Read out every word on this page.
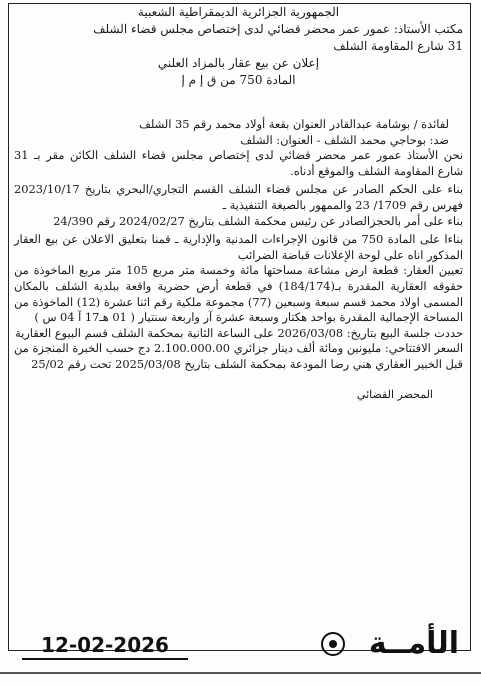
الجمهورية الجزائرية الديمقراطية الشعبية

مكتب الأستاذ: عمور عمر محضر قضائي لدى إختصاص مجلس قضاء الشلف

31 شارع المقاومة الشلف

إعلان عن بيع عقار بالمزاد العلني

المادة 750 من ق إ م إ

لفائدة / بوشامة عبدالقادر العنوان بقعة أولاد محمد رقم 35 الشلف

ضد: بوحاجي محمد الشلف - العنوان: الشلف

نحن الأستاذ عمور عمر محضر قضائي لدى إختصاص مجلس قضاء الشلف الكائن مقر بـ 31 شارع المقاومة الشلف والموقع أدناه.

بناء على الحكم الصادر عن مجلس قضاء الشلف القسم التجاري/البحري بتاريخ 2023/10/17 فهرس رقم 1709/ 23 والممهور بالصيغة التنفيذية ـ

بناء على أمر بالحجزالصادر عن رئيس محكمة الشلف بتاريخ 2024/02/27 رقم 24/390

بناءا على المادة 750 من قانون الإجراءات المدنية والإدارية ـ قمنا بتعليق الاعلان عن بيع العقار المذكور اناه على لوحة الإعلانات قباضة الضرائب

تعيين العقار: قطعة ارض مشاعة مساحتها مائة وخمسة متر مربع 105 متر مربع الماخوذة من حقوقه العقارية المقدرة بـ(184/174) في قطعة أرض حضرية واقعة ببلدية الشلف بالمكان المسمى اولاد محمد قسم سبعة وسبعين (77) مجموعة ملكية رقم اثنا عشرة (12) الماخوذة من المساحة الإجمالية المقدرة بواحد هكتار وسبعة عشرة آر واربعة سنتيار ( 01 هـ17 آ 04 س )

حددت جلسة البيع بتاريخ: 2026/03/08 على الساعة الثانية بمحكمة الشلف قسم البيوع العقارية

السعر الافتتاحي: مليونين ومائة ألف دينار جزائري 2.100.000.00 دج حسب الخبرة المنجزة من قبل الخبير العقاري هني رضا المودعة بمحكمة الشلف بتاريخ 2025/03/08 تحت رقم 25/02

المحضر القضائي

12-02-2026	الأمــة
